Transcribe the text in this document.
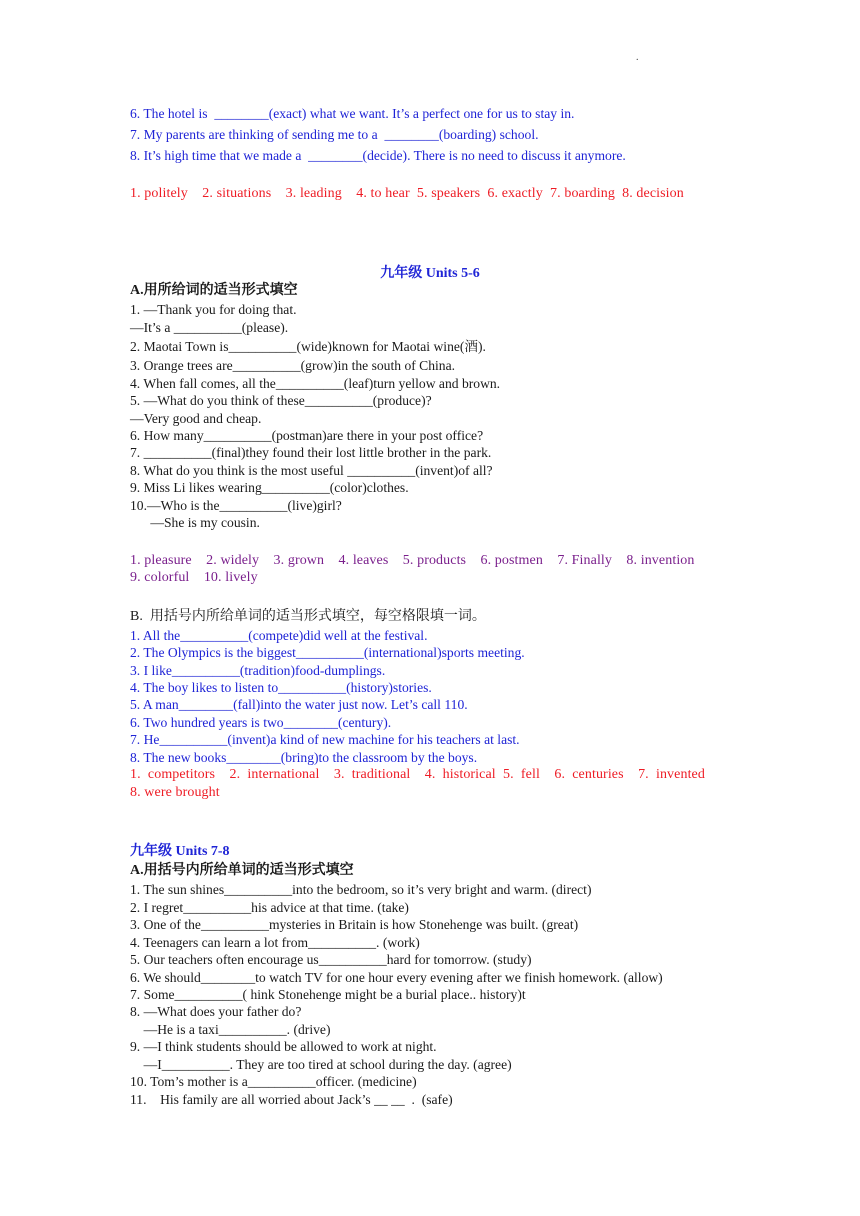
.
6. The hotel is  ________(exact) what we want. It’s a perfect one for us to stay in.
7. My parents are thinking of sending me to a  ________(boarding) school.
8. It’s high time that we made a  ________(decide). There is no need to discuss it anymore.
1. politely    2. situations    3. leading    4. to hear  5. speakers  6. exactly  7. boarding  8. decision
九年级 Units 5-6
A.用所给词的适当形式填空
1. —Thank you for doing that.
—It’s a __________(please).
2. Maotai Town is__________(wide)known for Maotai wine(酒).
3. Orange trees are__________(grow)in the south of China.
4. When fall comes, all the__________(leaf)turn yellow and brown.
5. —What do you think of these__________(produce)?
—Very good and cheap.
6. How many__________(postman)are there in your post office?
7. __________(final)they found their lost little brother in the park.
8. What do you think is the most useful __________(invent)of all?
9. Miss Li likes wearing__________(color)clothes.
10.—Who is the__________(live)girl?
—She is my cousin.
1. pleasure    2. widely    3. grown    4. leaves    5. products    6. postmen    7. Finally    8. invention
9. colorful    10. lively
B.  用括号内所给单词的适当形式填空，每空格限填一词。
1. All the__________(compete)did well at the festival.
2. The Olympics is the biggest__________(international)sports meeting.
3. I like__________(tradition)food-dumplings.
4. The boy likes to listen to__________(history)stories.
5. A man________(fall)into the water just now. Let’s call 110.
6. Two hundred years is two________(century).
7. He__________(invent)a kind of new machine for his teachers at last.
8. The new books________(bring)to the classroom by the boys.
1.  competitors    2.  international    3.  traditional    4.  historical  5.  fell    6.  centuries    7.  invented
8. were brought
九年级 Units 7-8
A.用括号内所给单词的适当形式填空
1. The sun shines__________into the bedroom, so it’s very bright and warm. (direct)
2. I regret__________his advice at that time. (take)
3. One of the__________mysteries in Britain is how Stonehenge was built. (great)
4. Teenagers can learn a lot from__________. (work)
5. Our teachers often encourage us__________hard for tomorrow. (study)
6. We should________to watch TV for one hour every evening after we finish homework. (allow)
7. Some__________( hink Stonehenge might be a burial place.. history)t
8. —What does your father do?
—He is a taxi__________. (drive)
9. —I think students should be allowed to work at night.
—I__________. They are too tired at school during the day. (agree)
10. Tom’s mother is a__________officer. (medicine)
11.    His family are all worried about Jack’s __ __  .  (safe)
